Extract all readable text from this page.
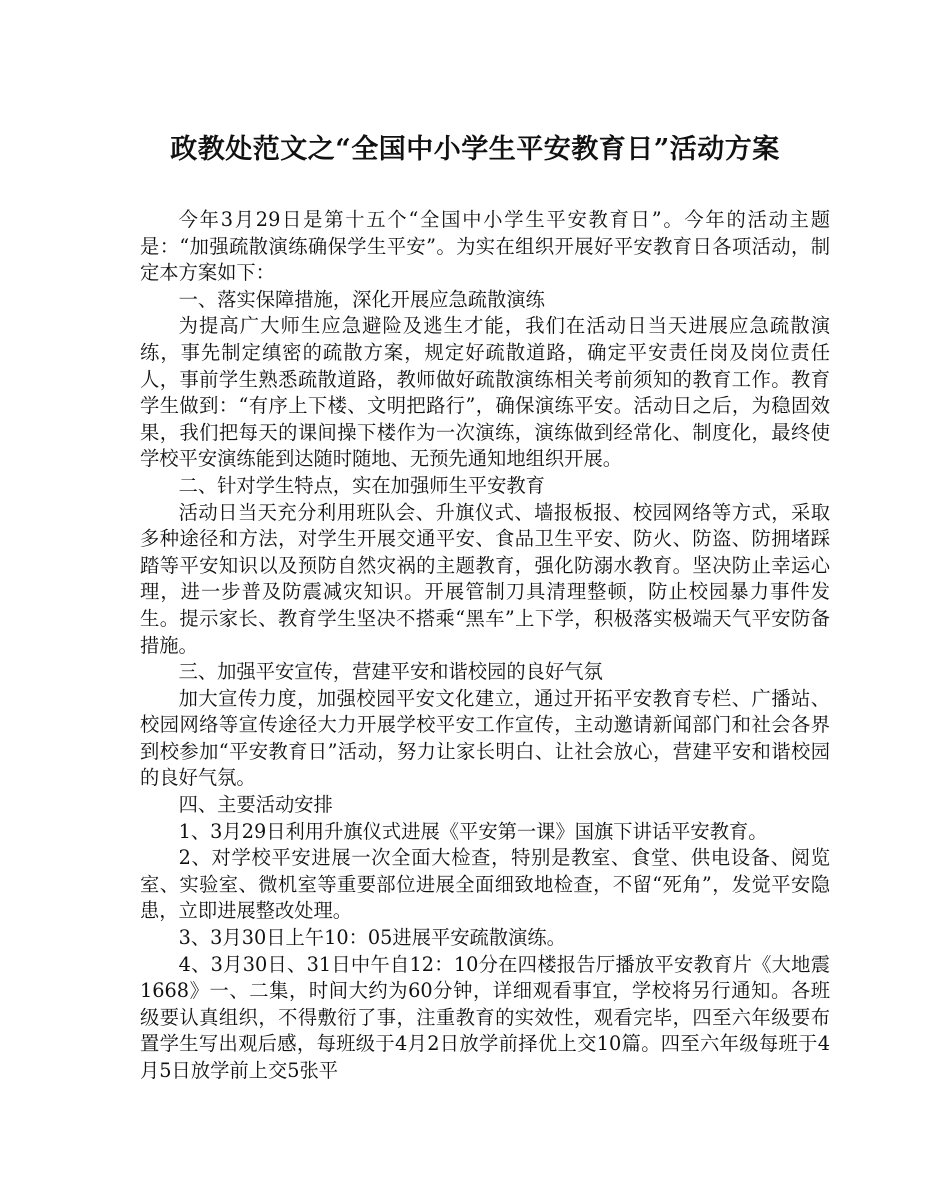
政教处范文之“全国中小学生平安教育日”活动方案

今年3月29日是第十五个“全国中小学生平安教育日”。今年的活动主题是：“加强疏散演练确保学生平安”。为实在组织开展好平安教育日各项活动，制定本方案如下：

一、落实保障措施，深化开展应急疏散演练

为提高广大师生应急避险及逃生才能，我们在活动日当天进展应急疏散演练，事先制定缜密的疏散方案，规定好疏散道路，确定平安责任岗及岗位责任人，事前学生熟悉疏散道路，教师做好疏散演练相关考前须知的教育工作。教育学生做到：“有序上下楼、文明把路行”，确保演练平安。活动日之后，为稳固效果，我们把每天的课间操下楼作为一次演练，演练做到经常化、制度化，最终使学校平安演练能到达随时随地、无预先通知地组织开展。

二、针对学生特点，实在加强师生平安教育

活动日当天充分利用班队会、升旗仪式、墙报板报、校园网络等方式，采取多种途径和方法，对学生开展交通平安、食品卫生平安、防火、防盗、防拥堵踩踏等平安知识以及预防自然灾祸的主题教育，强化防溺水教育。坚决防止幸运心理，进一步普及防震减灾知识。开展管制刀具清理整顿，防止校园暴力事件发生。提示家长、教育学生坚决不搭乘“黑车”上下学，积极落实极端天气平安防备措施。

三、加强平安宣传，营建平安和谐校园的良好气氛

加大宣传力度，加强校园平安文化建立，通过开拓平安教育专栏、广播站、校园网络等宣传途径大力开展学校平安工作宣传，主动邀请新闻部门和社会各界到校参加“平安教育日”活动，努力让家长明白、让社会放心，营建平安和谐校园的良好气氛。

四、主要活动安排

1、3月29日利用升旗仪式进展《平安第一课》国旗下讲话平安教育。

2、对学校平安进展一次全面大检查，特别是教室、食堂、供电设备、阅览室、实验室、微机室等重要部位进展全面细致地检查，不留“死角”，发觉平安隐患，立即进展整改处理。

3、3月30日上午10：05进展平安疏散演练。

4、3月30日、31日中午自12：10分在四楼报告厅播放平安教育片《大地震1668》一、二集，时间大约为60分钟，详细观看事宜，学校将另行通知。各班级要认真组织，不得敷衍了事，注重教育的实效性，观看完毕，四至六年级要布置学生写出观后感，每班级于4月2日放学前择优上交10篇。四至六年级每班于4月5日放学前上交5张平
